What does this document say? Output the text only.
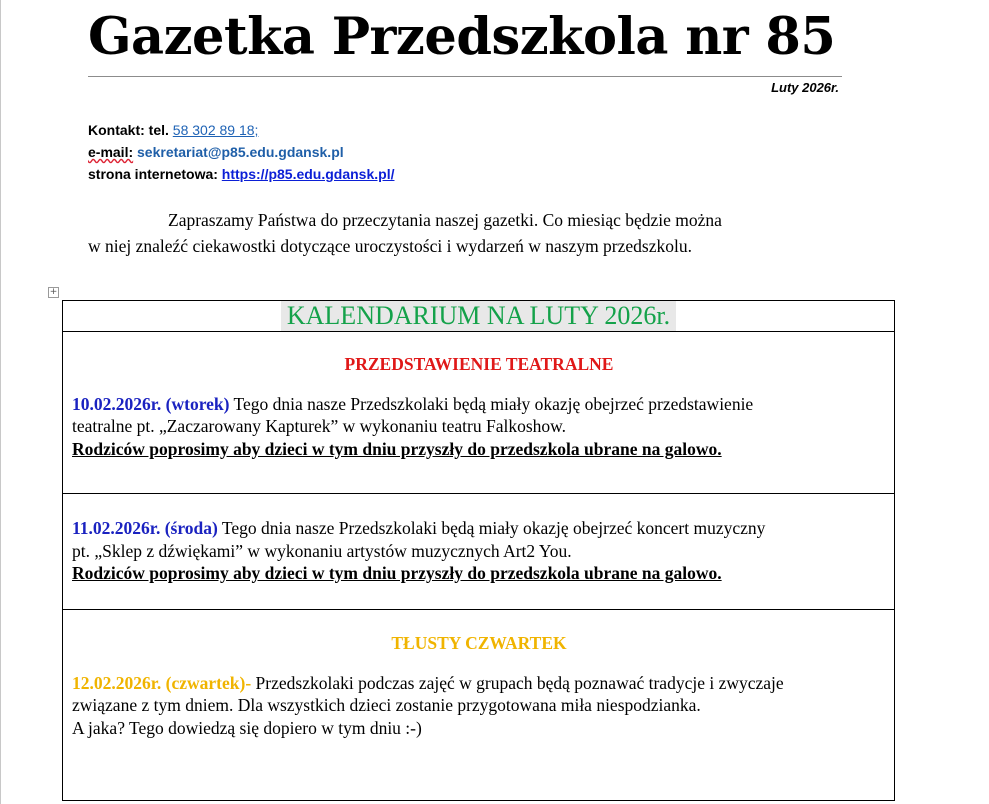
Gazetka Przedszkola nr 85
Luty 2026r.
Kontakt: tel. 58 302 89 18;
e-mail: sekretariat@p85.edu.gdansk.pl
strona internetowa: https://p85.edu.gdansk.pl/
Zapraszamy Państwa do przeczytania naszej gazetki. Co miesiąc będzie można
w niej znaleźć ciekawostki dotyczące uroczystości i wydarzeń w naszym przedszkolu.
+
KALENDARIUM NA LUTY 2026r.

PRZEDSTAWIENIE TEATRALNE
10.02.2026r. (wtorek) Tego dnia nasze Przedszkolaki będą miały okazję obejrzeć przedstawienie
teatralne pt. „Zaczarowany Kapturek” w wykonaniu teatru Falkoshow.
Rodziców poprosimy aby dzieci w tym dniu przyszły do przedszkola ubrane na galowo.

11.02.2026r. (środa) Tego dnia nasze Przedszkolaki będą miały okazję obejrzeć koncert muzyczny
pt. „Sklep z dźwiękami” w wykonaniu artystów muzycznych Art2 You.
Rodziców poprosimy aby dzieci w tym dniu przyszły do przedszkola ubrane na galowo.

TŁUSTY CZWARTEK
12.02.2026r. (czwartek)- Przedszkolaki podczas zajęć w grupach będą poznawać tradycje i zwyczaje
związane z tym dniem. Dla wszystkich dzieci zostanie przygotowana miła niespodzianka.
A jaka? Tego dowiedzą się dopiero w tym dniu :-)
